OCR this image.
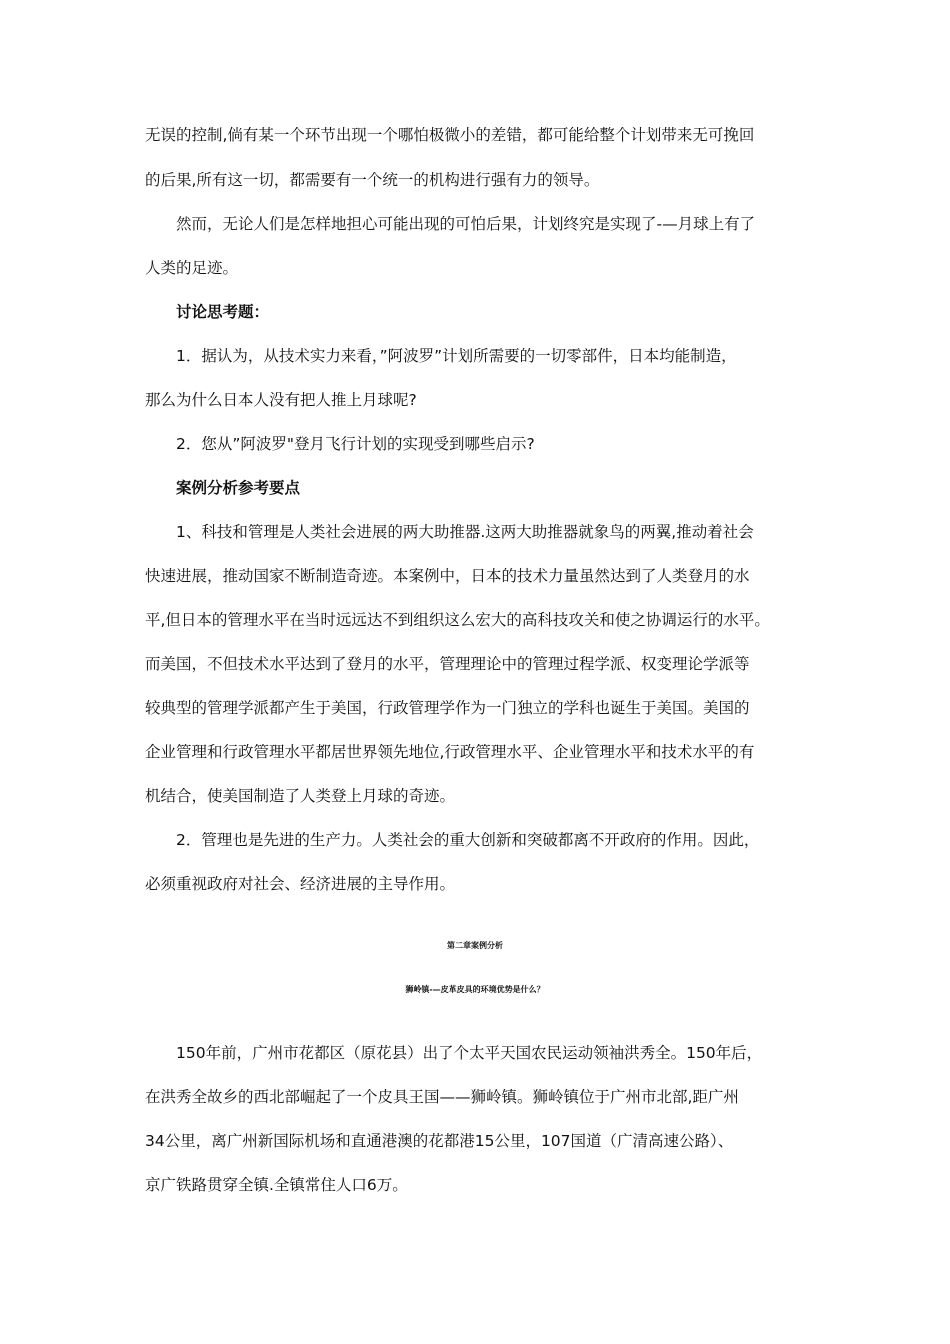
无误的控制,倘有某一个环节出现一个哪怕极微小的差错，都可能给整个计划带来无可挽回
的后果,所有这一切，都需要有一个统一的机构进行强有力的领导。
然而，无论人们是怎样地担心可能出现的可怕后果，计划终究是实现了-—月球上有了
人类的足迹。
讨论思考题：
1．据认为，从技术实力来看，”阿波罗”计划所需要的一切零部件，日本均能制造，
那么为什么日本人没有把人推上月球呢?
2．您从”阿波罗"登月飞行计划的实现受到哪些启示?
案例分析参考要点
1、科技和管理是人类社会进展的两大助推器.这两大助推器就象鸟的两翼,推动着社会
快速进展，推动国家不断制造奇迹。本案例中，日本的技术力量虽然达到了人类登月的水
平,但日本的管理水平在当时远远达不到组织这么宏大的高科技攻关和使之协调运行的水平。
而美国，不但技术水平达到了登月的水平，管理理论中的管理过程学派、权变理论学派等
较典型的管理学派都产生于美国，行政管理学作为一门独立的学科也诞生于美国。美国的
企业管理和行政管理水平都居世界领先地位,行政管理水平、企业管理水平和技术水平的有
机结合，使美国制造了人类登上月球的奇迹。
2．管理也是先进的生产力。人类社会的重大创新和突破都离不开政府的作用。因此，
必须重视政府对社会、经济进展的主导作用。
第二章案例分析
狮岭镇-—皮革皮具的环境优势是什么？
150年前，广州市花都区（原花县）出了个太平天国农民运动领袖洪秀全。150年后，
在洪秀全故乡的西北部崛起了一个皮具王国——狮岭镇。狮岭镇位于广州市北部,距广州
34公里，离广州新国际机场和直通港澳的花都港15公里，107国道（广清高速公路）、
京广铁路贯穿全镇.全镇常住人口6万。
